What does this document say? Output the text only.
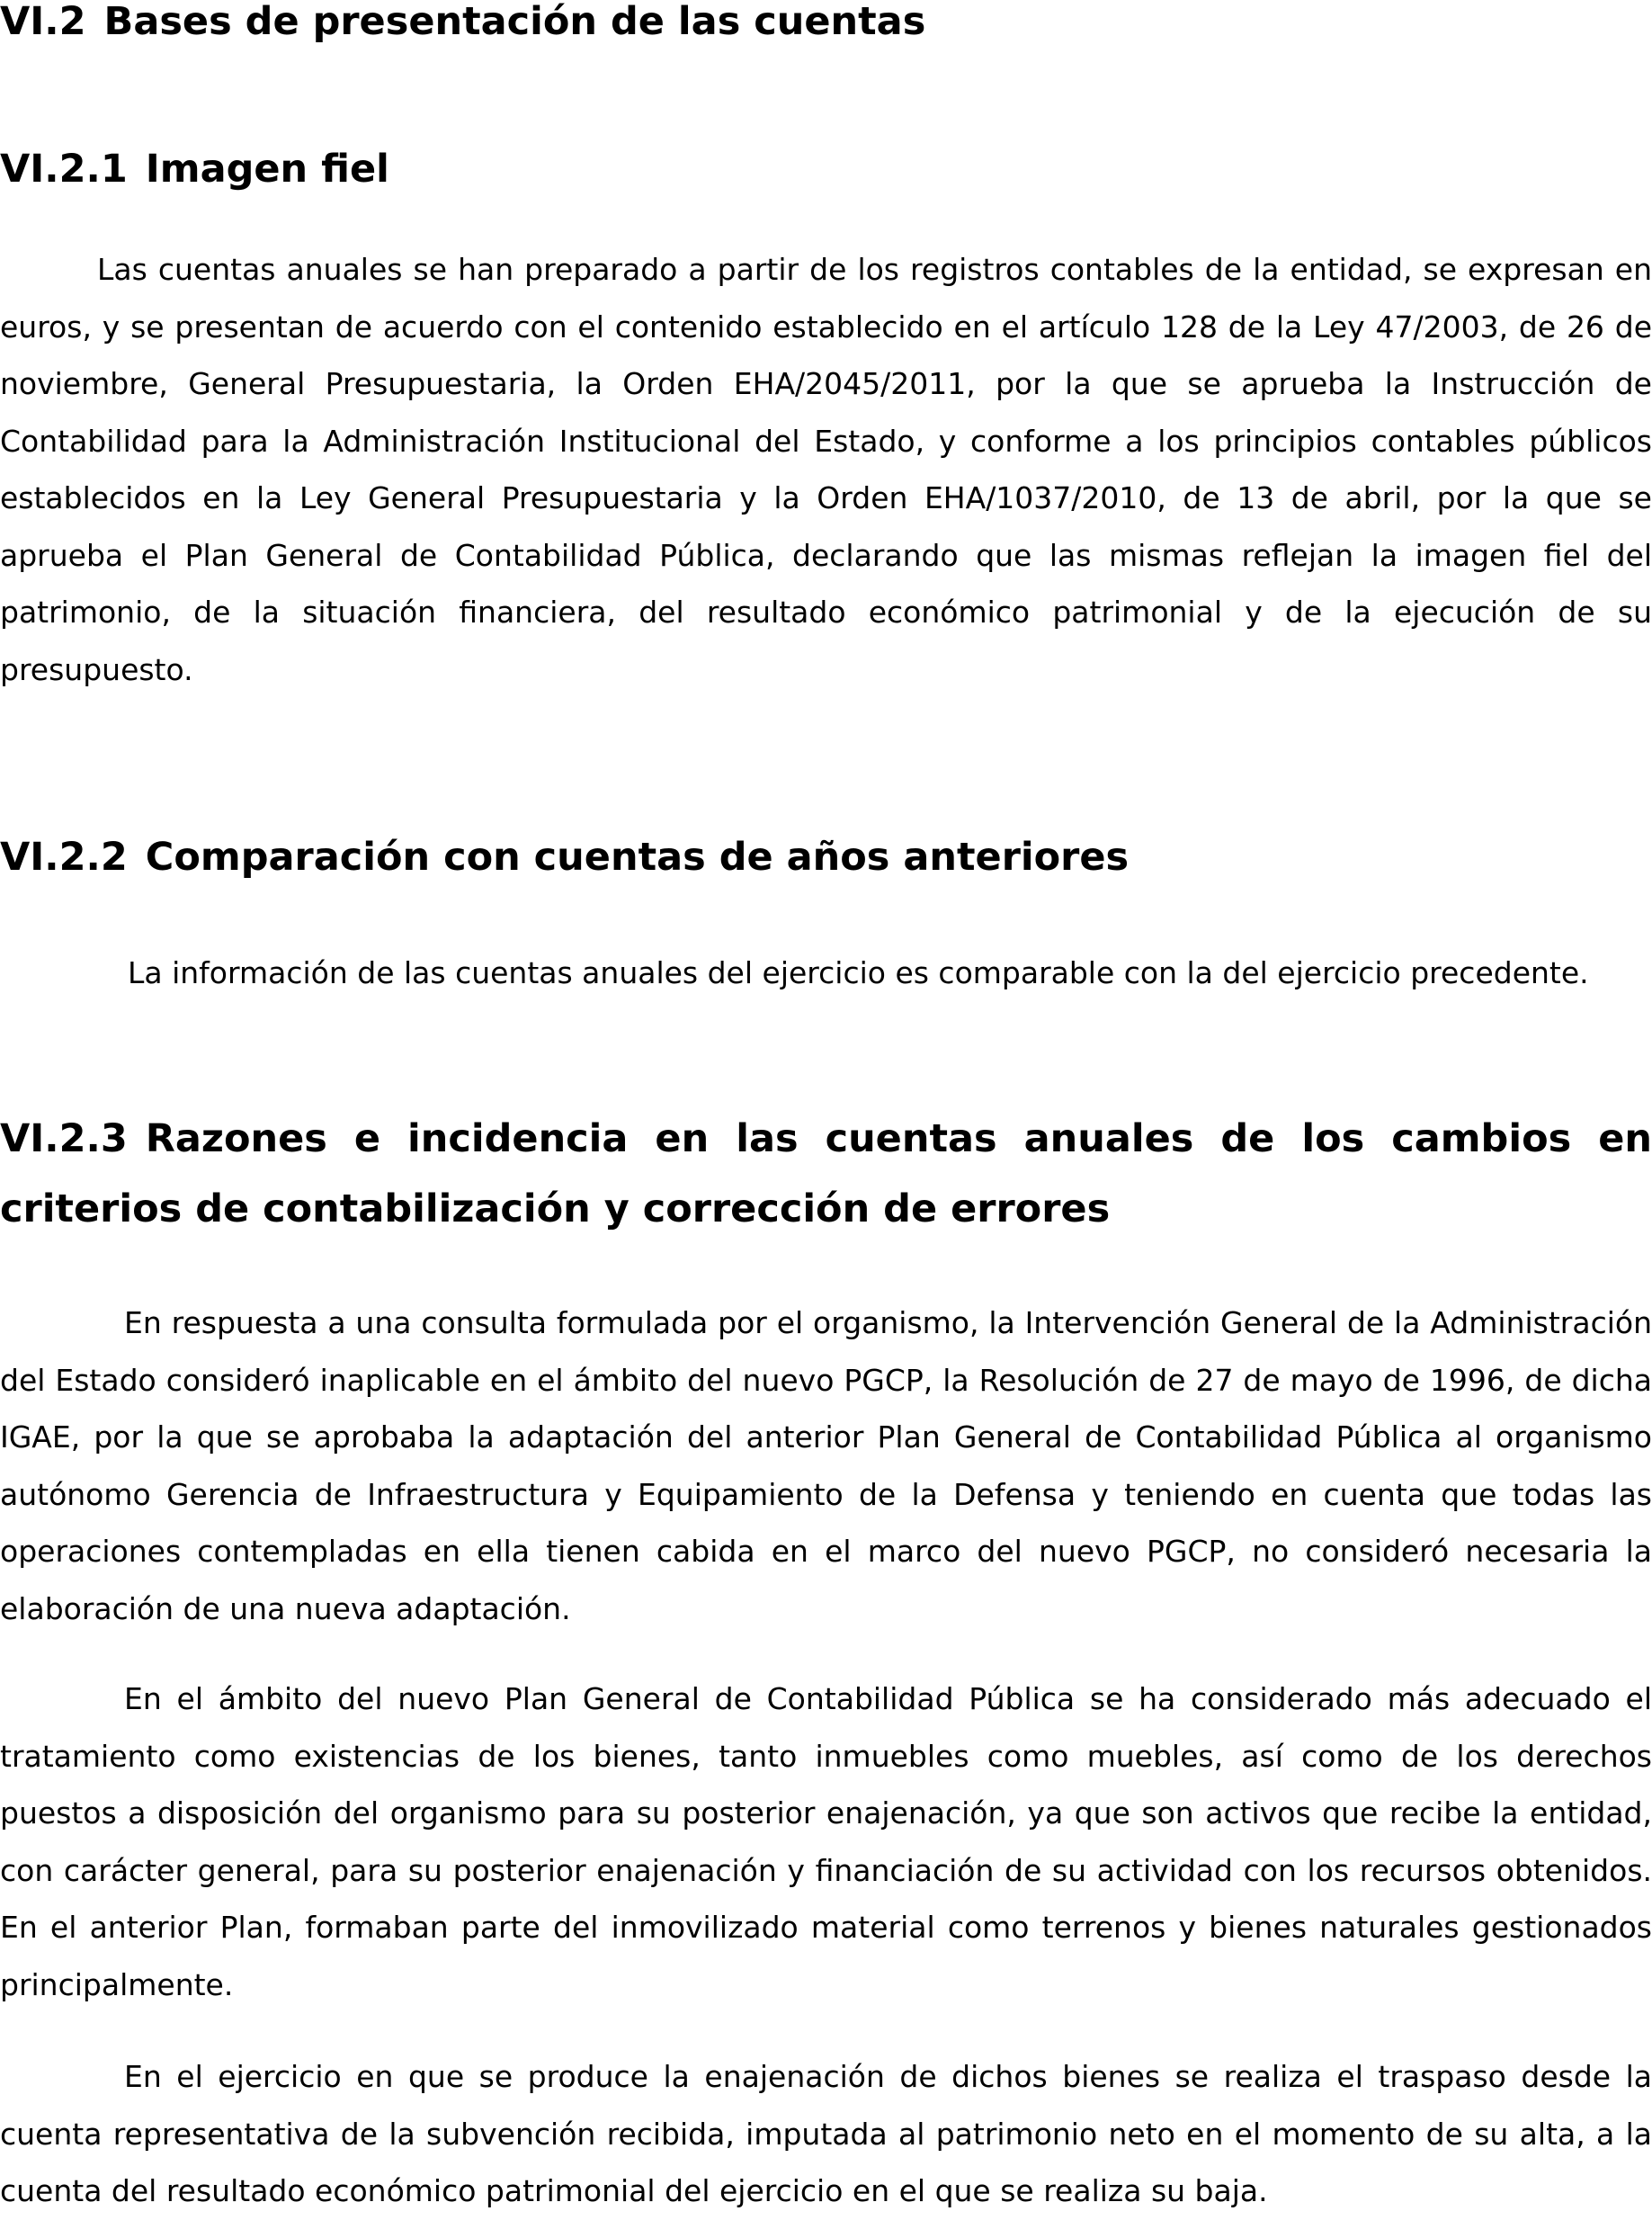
VI.2 Bases de presentación de las cuentas
VI.2.1 Imagen fiel

Las cuentas anuales se han preparado a partir de los registros contables de la entidad, se expresan en euros, y se presentan de acuerdo con el contenido establecido en el artículo 128 de la Ley 47/2003, de 26 de noviembre, General Presupuestaria, la Orden EHA/2045/2011, por la que se aprueba la Instrucción de Contabilidad para la Administración Institucional del Estado, y conforme a los principios contables públicos establecidos en la Ley General Presupuestaria y la Orden EHA/1037/2010, de 13 de abril, por la que se aprueba el Plan General de Contabilidad Pública, declarando que las mismas reflejan la imagen fiel del patrimonio, de la situación financiera, del resultado económico patrimonial y de la ejecución de su presupuesto.

VI.2.2 Comparación con cuentas de años anteriores

La información de las cuentas anuales del ejercicio es comparable con la del ejercicio precedente.

VI.2.3 Razones e incidencia en las cuentas anuales de los cambios en criterios de contabilización y corrección de errores

En respuesta a una consulta formulada por el organismo, la Intervención General de la Administración del Estado consideró inaplicable en el ámbito del nuevo PGCP, la Resolución de 27 de mayo de 1996, de dicha IGAE, por la que se aprobaba la adaptación del anterior Plan General de Contabilidad Pública al organismo autónomo Gerencia de Infraestructura y Equipamiento de la Defensa y teniendo en cuenta que todas las operaciones contempladas en ella tienen cabida en el marco del nuevo PGCP, no consideró necesaria la elaboración de una nueva adaptación.

En el ámbito del nuevo Plan General de Contabilidad Pública se ha considerado más adecuado el tratamiento como existencias de los bienes, tanto inmuebles como muebles, así como de los derechos puestos a disposición del organismo para su posterior enajenación, ya que son activos que recibe la entidad, con carácter general, para su posterior enajenación y financiación de su actividad con los recursos obtenidos. En el anterior Plan, formaban parte del inmovilizado material como terrenos y bienes naturales gestionados principalmente.

En el ejercicio en que se produce la enajenación de dichos bienes se realiza el traspaso desde la cuenta representativa de la subvención recibida, imputada al patrimonio neto en el momento de su alta, a la cuenta del resultado económico patrimonial del ejercicio en el que se realiza su baja.
